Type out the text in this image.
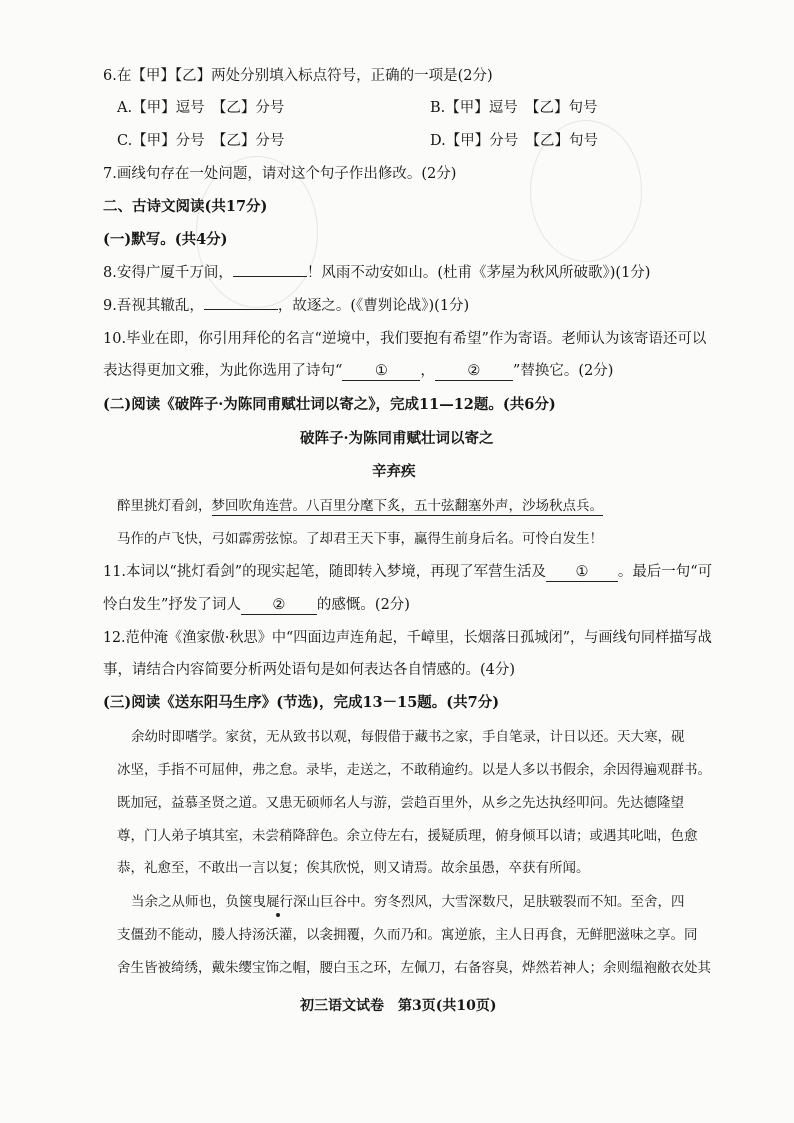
6.在【甲】【乙】两处分别填入标点符号，正确的一项是(2分)
A.【甲】逗号　【乙】分号	B.【甲】逗号　【乙】句号
C.【甲】分号　【乙】分号	D.【甲】分号　【乙】句号
7.画线句存在一处问题，请对这个句子作出修改。(2分)
二、古诗文阅读(共17分)
(一)默写。(共4分)
8.安得广厦千万间，	！风雨不动安如山。(杜甫《茅屋为秋风所破歌》)(1分)
9.吾视其辙乱，	，故逐之。(《曹刿论战》)(1分)
10.毕业在即，你引用拜伦的名言“逆境中，我们要抱有希望”作为寄语。老师认为该寄语还可以
表达得更加文雅，为此你选用了诗句“ ① ， ② ”替换它。(2分)
(二)阅读《破阵子·为陈同甫赋壮词以寄之》，完成11—12题。(共6分)
破阵子·为陈同甫赋壮词以寄之
辛弃疾
醉里挑灯看剑，梦回吹角连营。八百里分麾下炙，五十弦翻塞外声，沙场秋点兵。
马作的卢飞快，弓如霹雳弦惊。了却君王天下事，赢得生前身后名。可怜白发生！
11.本词以“挑灯看剑”的现实起笔，随即转入梦境，再现了军营生活及 ① 。最后一句“可
怜白发生”抒发了词人 ② 的感慨。(2分)
12.范仲淹《渔家傲·秋思》中“四面边声连角起，千嶂里，长烟落日孤城闭”，与画线句同样描写战
事，请结合内容简要分析两处语句是如何表达各自情感的。(4分)
(三)阅读《送东阳马生序》(节选)，完成13－15题。(共7分)
余幼时即嗜学。家贫，无从致书以观，每假借于藏书之家，手自笔录，计日以还。天大寒，砚
冰坚，手指不可屈伸，弗之怠。录毕，走送之，不敢稍逾约。以是人多以书假余，余因得遍观群书。
既加冠，益慕圣贤之道。又患无硕师名人与游，尝趋百里外，从乡之先达执经叩问。先达德隆望
尊，门人弟子填其室，未尝稍降辞色。余立侍左右，援疑质理，俯身倾耳以请；或遇其叱咄，色愈
恭，礼愈至，不敢出一言以复；俟其欣悦，则又请焉。故余虽愚，卒获有所闻。
当余之从师也，负箧曳屣行深山巨谷中。穷冬烈风，大雪深数尺，足肤皲裂而不知。至舍，四
支僵劲不能动，媵人持汤沃灌，以衾拥覆，久而乃和。寓逆旅，主人日再食，无鲜肥滋味之享。同
舍生皆被绮绣，戴朱缨宝饰之帽，腰白玉之环，左佩刀，右备容臭，烨然若神人；余则缊袍敝衣处其
初三语文试卷　第3页(共10页)
